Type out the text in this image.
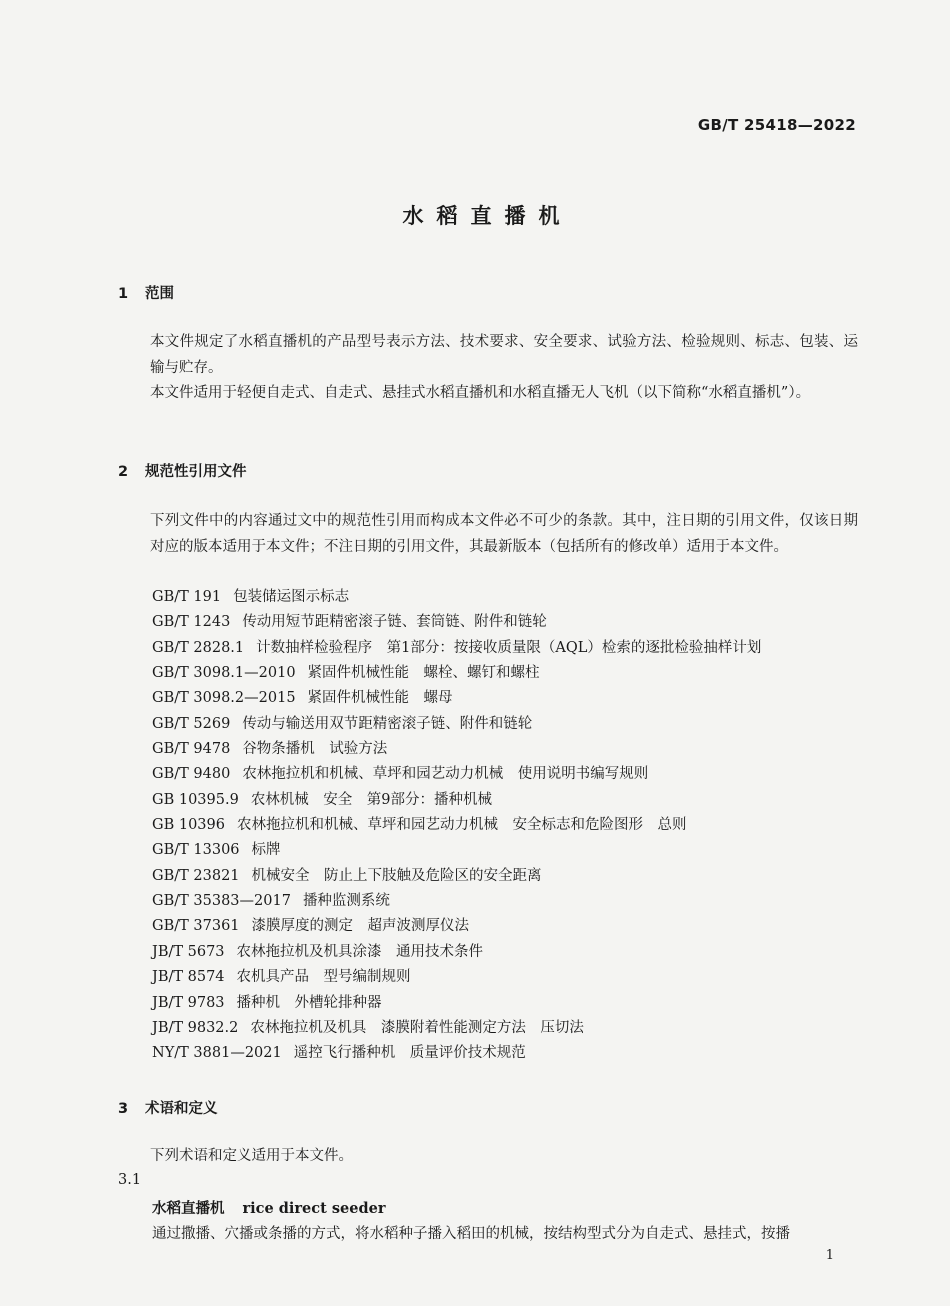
GB/T 25418—2022
水稻直播机
1 范围
本文件规定了水稻直播机的产品型号表示方法、技术要求、安全要求、试验方法、检验规则、标志、包装、运输与贮存。
本文件适用于轻便自走式、自走式、悬挂式水稻直播机和水稻直播无人飞机（以下简称“水稻直播机”）。
2 规范性引用文件
下列文件中的内容通过文中的规范性引用而构成本文件必不可少的条款。其中，注日期的引用文件，仅该日期对应的版本适用于本文件；不注日期的引用文件，其最新版本（包括所有的修改单）适用于本文件。
GB/T 191 包装储运图示标志
GB/T 1243 传动用短节距精密滚子链、套筒链、附件和链轮
GB/T 2828.1 计数抽样检验程序　第1部分：按接收质量限（AQL）检索的逐批检验抽样计划
GB/T 3098.1—2010 紧固件机械性能　螺栓、螺钉和螺柱
GB/T 3098.2—2015 紧固件机械性能　螺母
GB/T 5269 传动与输送用双节距精密滚子链、附件和链轮
GB/T 9478 谷物条播机　试验方法
GB/T 9480 农林拖拉机和机械、草坪和园艺动力机械　使用说明书编写规则
GB 10395.9 农林机械　安全　第9部分：播种机械
GB 10396 农林拖拉机和机械、草坪和园艺动力机械　安全标志和危险图形　总则
GB/T 13306 标牌
GB/T 23821 机械安全　防止上下肢触及危险区的安全距离
GB/T 35383—2017 播种监测系统
GB/T 37361 漆膜厚度的测定　超声波测厚仪法
JB/T 5673 农林拖拉机及机具涂漆　通用技术条件
JB/T 8574 农机具产品　型号编制规则
JB/T 9783 播种机　外槽轮排种器
JB/T 9832.2 农林拖拉机及机具　漆膜附着性能测定方法　压切法
NY/T 3881—2021 遥控飞行播种机　质量评价技术规范
3 术语和定义
下列术语和定义适用于本文件。
3.1
水稻直播机 rice direct seeder
通过撒播、穴播或条播的方式，将水稻种子播入稻田的机械，按结构型式分为自走式、悬挂式，按播
1
